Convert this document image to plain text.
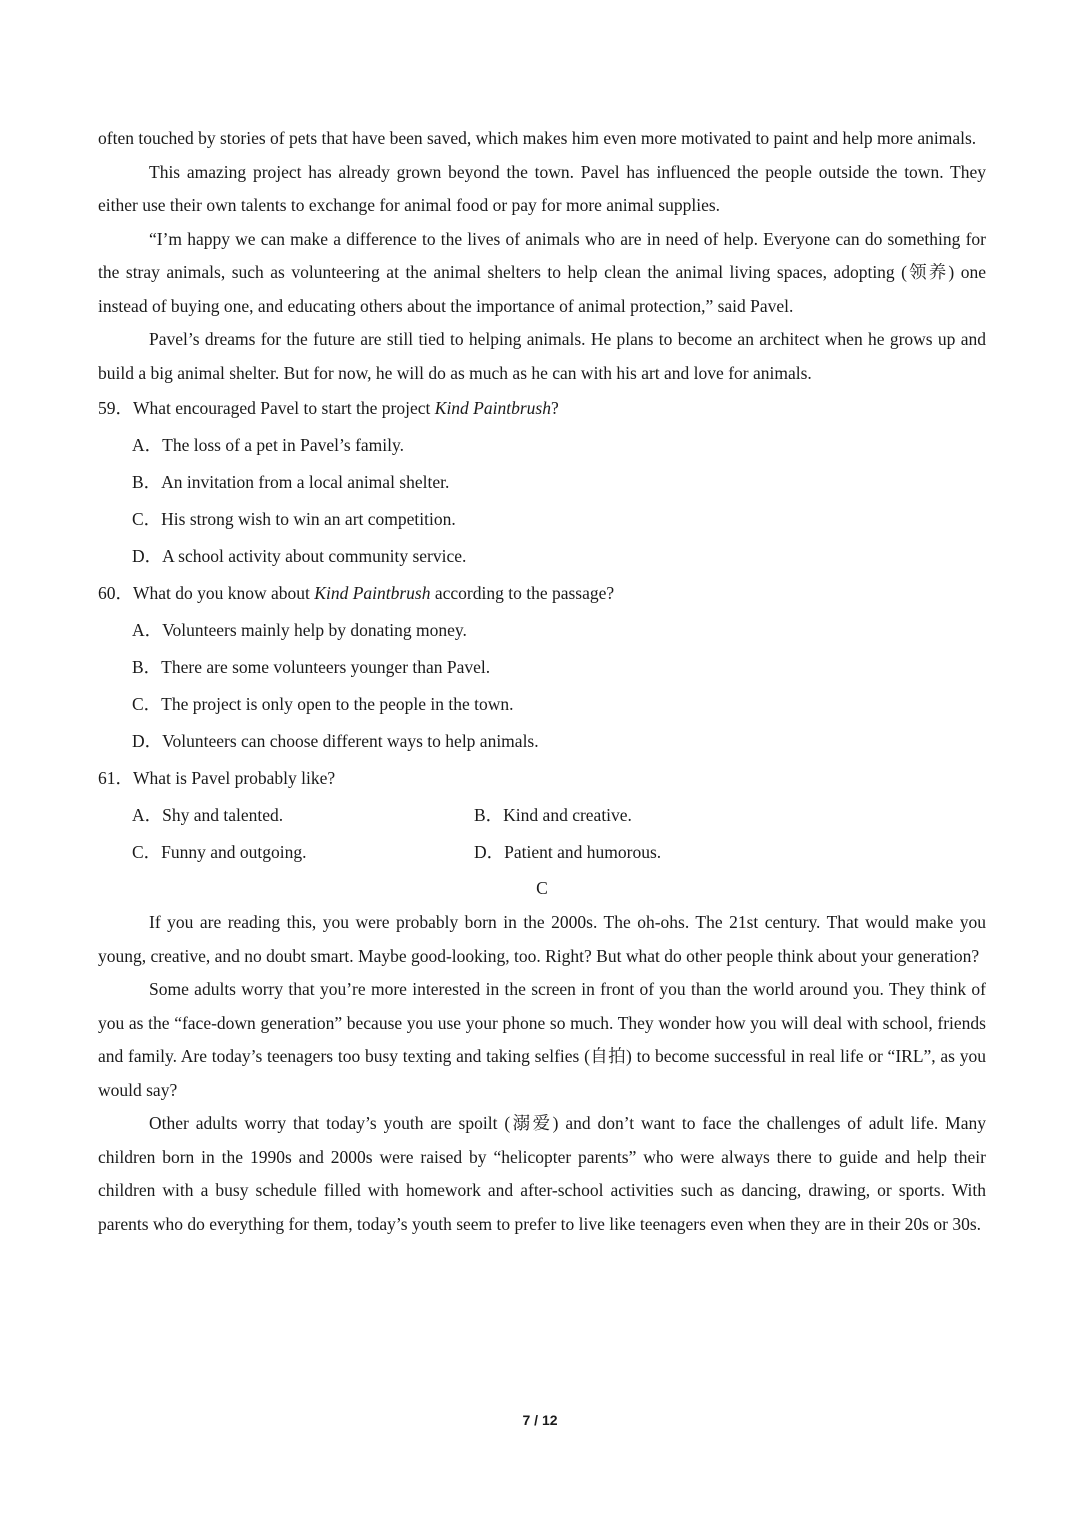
often touched by stories of pets that have been saved, which makes him even more motivated to paint and help more animals.

This amazing project has already grown beyond the town. Pavel has influenced the people outside the town. They either use their own talents to exchange for animal food or pay for more animal supplies.

“I’m happy we can make a difference to the lives of animals who are in need of help. Everyone can do something for the stray animals, such as volunteering at the animal shelters to help clean the animal living spaces, adopting (领养) one instead of buying one, and educating others about the importance of animal protection,” said Pavel.

Pavel’s dreams for the future are still tied to helping animals. He plans to become an architect when he grows up and build a big animal shelter. But for now, he will do as much as he can with his art and love for animals.

59．What encouraged Pavel to start the project Kind Paintbrush?

A．The loss of a pet in Pavel’s family.

B．An invitation from a local animal shelter.

C．His strong wish to win an art competition.

D．A school activity about community service.

60．What do you know about Kind Paintbrush according to the passage?

A．Volunteers mainly help by donating money.

B．There are some volunteers younger than Pavel.

C．The project is only open to the people in the town.

D．Volunteers can choose different ways to help animals.

61．What is Pavel probably like?

A．Shy and talented.	B．Kind and creative.
C．Funny and outgoing.	D．Patient and humorous.

C

If you are reading this, you were probably born in the 2000s. The oh-ohs. The 21st century. That would make you young, creative, and no doubt smart. Maybe good-looking, too. Right? But what do other people think about your generation?

Some adults worry that you’re more interested in the screen in front of you than the world around you. They think of you as the “face-down generation” because you use your phone so much. They wonder how you will deal with school, friends and family. Are today’s teenagers too busy texting and taking selfies (自拍) to become successful in real life or “IRL”, as you would say?

Other adults worry that today’s youth are spoilt (溺爱) and don’t want to face the challenges of adult life. Many children born in the 1990s and 2000s were raised by “helicopter parents” who were always there to guide and help their children with a busy schedule filled with homework and after-school activities such as dancing, drawing, or sports. With parents who do everything for them, today’s youth seem to prefer to live like teenagers even when they are in their 20s or 30s.

7 / 12
